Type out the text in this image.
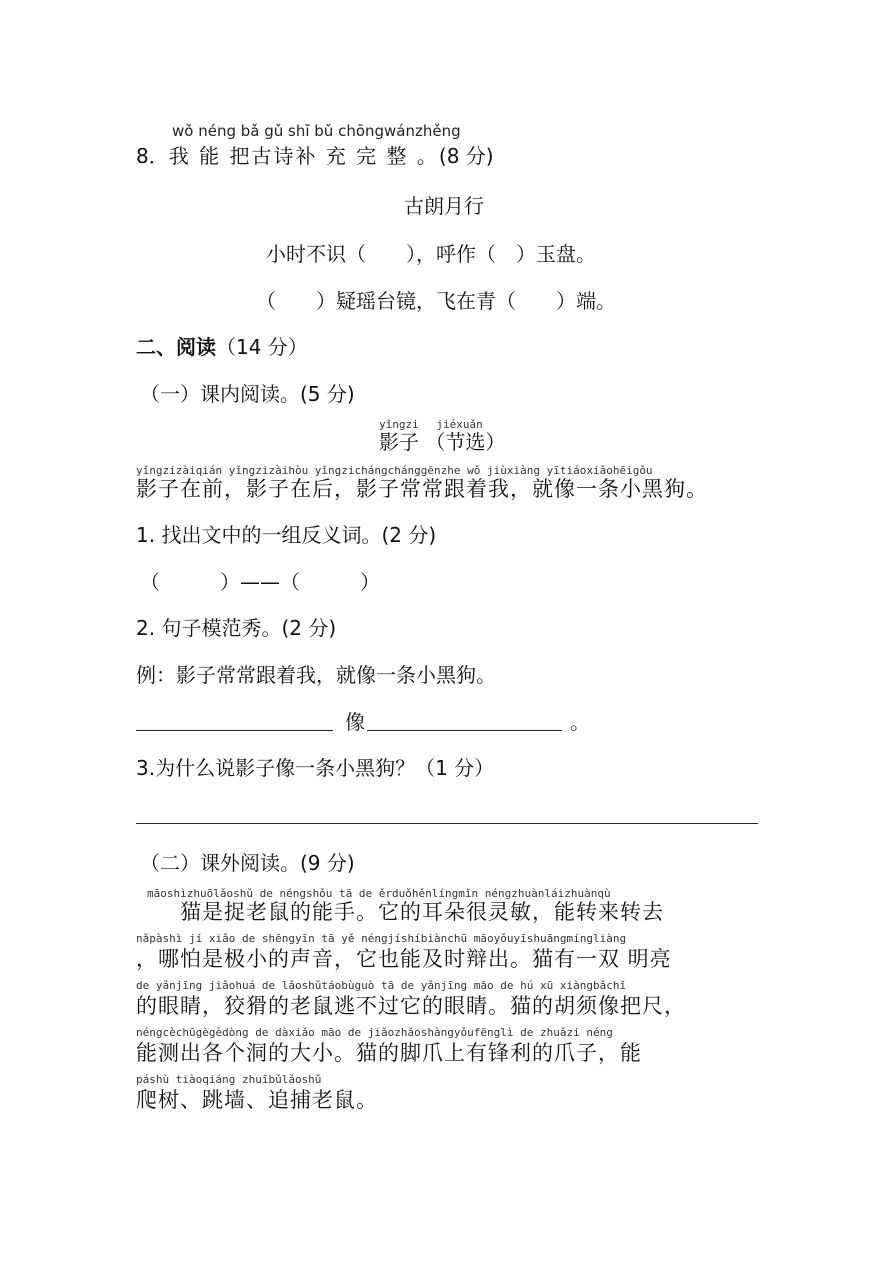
wǒ néng bǎ gǔ shī bǔ chōngwánzhěng
8．我 能 把古诗补 充 完 整 。(8 分)
古朗月行
小时不识（　　），呼作（　）玉盘。
（　　）疑瑶台镜，飞在青（　　）端。
二、阅读（14 分）
（一）课内阅读。(5 分)
yǐngzi　 jiéxuǎn
影子 （节选）
yǐngzizàiqián yǐngzizàihòu yǐngzichángchánggēnzhe wǒ jiùxiàng yītiáoxiǎohēigǒu
影子在前，影子在后，影子常常跟着我，就像一条小黑狗。
1. 找出文中的一组反义词。(2 分)
（　　　）——（　　　）
2. 句子模范秀。(2 分)
例：影子常常跟着我，就像一条小黑狗。
像	。
3.为什么说影子像一条小黑狗？（1 分）
（二）课外阅读。(9 分)
　māoshìzhuōlǎoshǔ de néngshǒu tā de ěrduǒhěnlíngmǐn néngzhuànláizhuànqù
　　猫是捉老鼠的能手。它的耳朵很灵敏，能转来转去
nǎpàshì jí xiǎo de shēngyīn tā yě néngjíshíbiànchū māoyǒuyīshuāngmíngliàng
，哪怕是极小的声音，它也能及时辩出。猫有一双 明亮
de yǎnjīng jiǎohuá de lǎoshǔtáobùguò tā de yǎnjīng māo de hú xū xiàngbǎchǐ
的眼睛，狡猾的老鼠逃不过它的眼睛。猫的胡须像把尺，
néngcèchūgègèdòng de dàxiǎo māo de jiǎozhǎoshàngyǒufēnglì de zhuǎzi néng
能测出各个洞的大小。猫的脚爪上有锋利的爪子，能
páshù tiàoqiáng zhuībǔlǎoshǔ
爬树、跳墙、追捕老鼠。
